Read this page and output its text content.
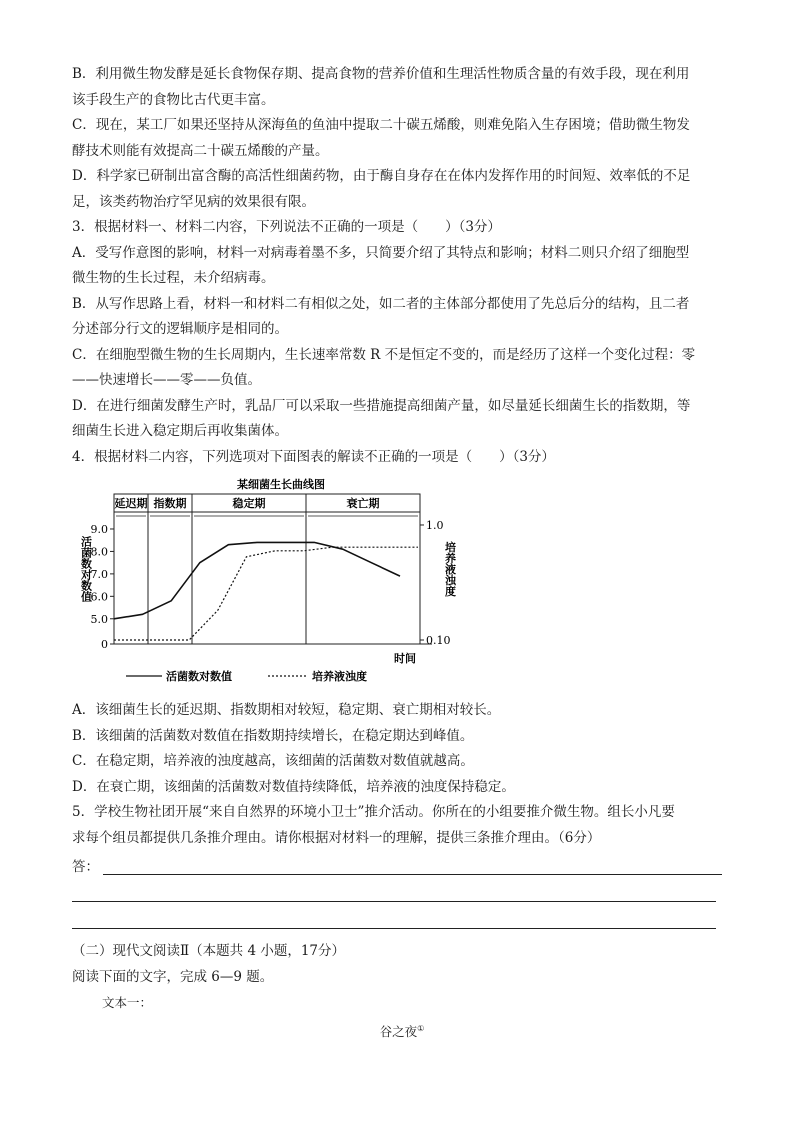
B．利用微生物发酵是延长食物保存期、提高食物的营养价值和生理活性物质含量的有效手段，现在利用
该手段生产的食物比古代更丰富。
C．现在，某工厂如果还坚持从深海鱼的鱼油中提取二十碳五烯酸，则难免陷入生存困境；借助微生物发
酵技术则能有效提高二十碳五烯酸的产量。
D．科学家已研制出富含酶的高活性细菌药物，由于酶自身存在在体内发挥作用的时间短、效率低的不足
足，该类药物治疗罕见病的效果很有限。
3．根据材料一、材料二内容，下列说法不正确的一项是（　　）（3分）
A．受写作意图的影响，材料一对病毒着墨不多，只简要介绍了其特点和影响；材料二则只介绍了细胞型
微生物的生长过程，未介绍病毒。
B．从写作思路上看，材料一和材料二有相似之处，如二者的主体部分都使用了先总后分的结构，且二者
分述部分行文的逻辑顺序是相同的。
C．在细胞型微生物的生长周期内，生长速率常数 R 不是恒定不变的，而是经历了这样一个变化过程：零
——快速增长——零——负值。
D．在进行细菌发酵生产时，乳品厂可以采取一些措施提高细菌产量，如尽量延长细菌生长的指数期，等
细菌生长进入稳定期后再收集菌体。
4．根据材料二内容，下列选项对下面图表的解读不正确的一项是（　　）（3分）
某细菌生长曲线图
延迟期 指数期	稳定期	衰亡期
9.0
8.0
7.0
6.0
5.0
0
1.0
0.10
活菌数对数值	培养液浊度
时间
活菌数对数值	培养液浊度
A．该细菌生长的延迟期、指数期相对较短，稳定期、衰亡期相对较长。
B．该细菌的活菌数对数值在指数期持续增长，在稳定期达到峰值。
C．在稳定期，培养液的浊度越高，该细菌的活菌数对数值就越高。
D．在衰亡期，该细菌的活菌数对数值持续降低，培养液的浊度保持稳定。
5．学校生物社团开展“来自自然界的环境小卫士”推介活动。你所在的小组要推介微生物。组长小凡要
求每个组员都提供几条推介理由。请你根据对材料一的理解，提供三条推介理由。（6分）
答：
（二）现代文阅读Ⅱ（本题共 4 小题，17分）
阅读下面的文字，完成 6—9 题。
文本一：
谷之夜①
